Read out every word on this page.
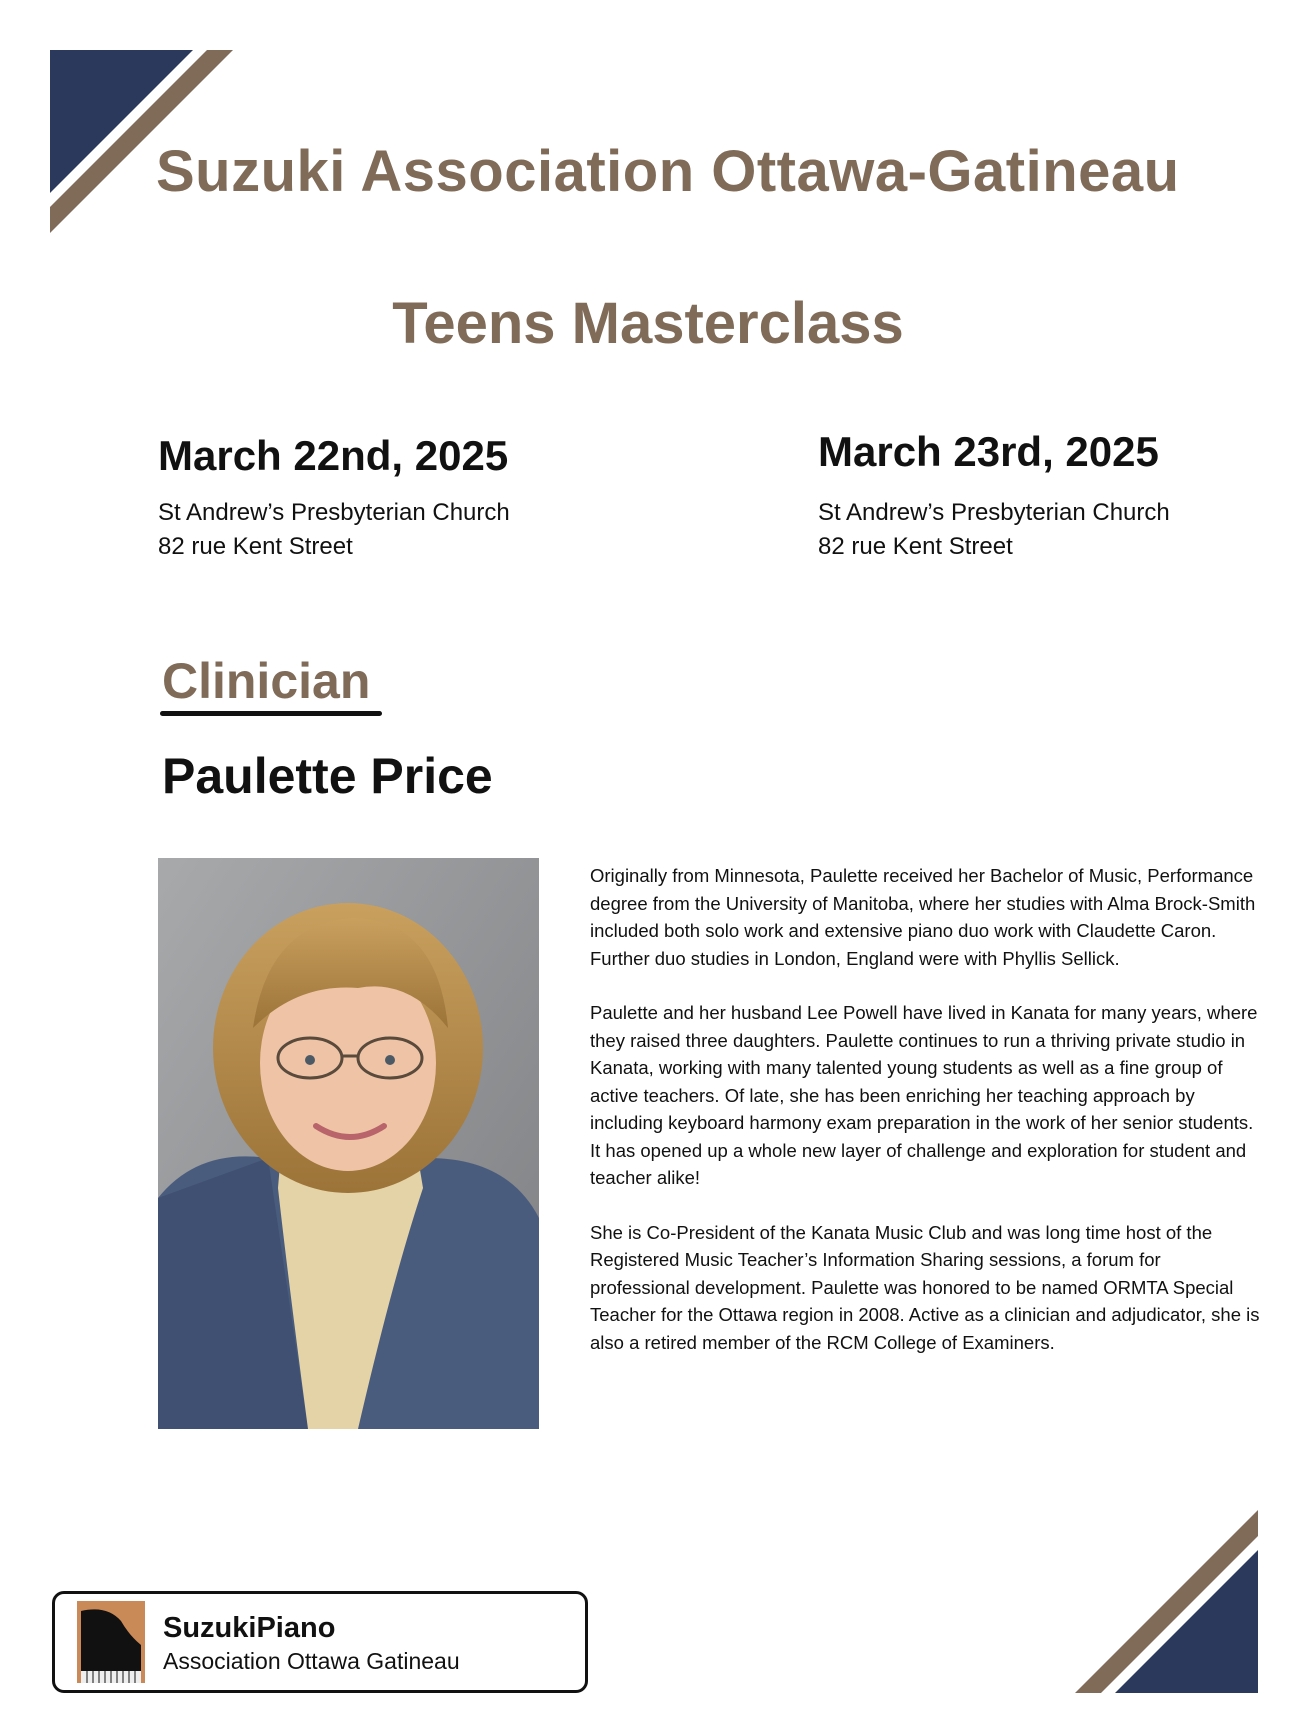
Suzuki Association Ottawa-Gatineau
Teens Masterclass
March 22nd, 2025
St Andrew’s Presbyterian Church
82 rue Kent Street
March 23rd, 2025
St Andrew’s Presbyterian Church
82 rue Kent Street
Clinician
Paulette Price

Originally from Minnesota, Paulette received her Bachelor of Music, Performance degree from the University of Manitoba, where her studies with Alma Brock-Smith included both solo work and extensive piano duo work with Claudette Caron. Further duo studies in London, England were with Phyllis Sellick.

Paulette and her husband Lee Powell have lived in Kanata for many years, where they raised three daughters. Paulette continues to run a thriving private studio in Kanata, working with many talented young students as well as a fine group of active teachers. Of late, she has been enriching her teaching approach by including keyboard harmony exam preparation in the work of her senior students. It has opened up a whole new layer of challenge and exploration for student and teacher alike!

She is Co-President of the Kanata Music Club and was long time host of the Registered Music Teacher’s Information Sharing sessions, a forum for professional development. Paulette was honored to be named ORMTA Special Teacher for the Ottawa region in 2008. Active as a clinician and adjudicator, she is also a retired member of the RCM College of Examiners.

SuzukiPiano
Association Ottawa Gatineau
